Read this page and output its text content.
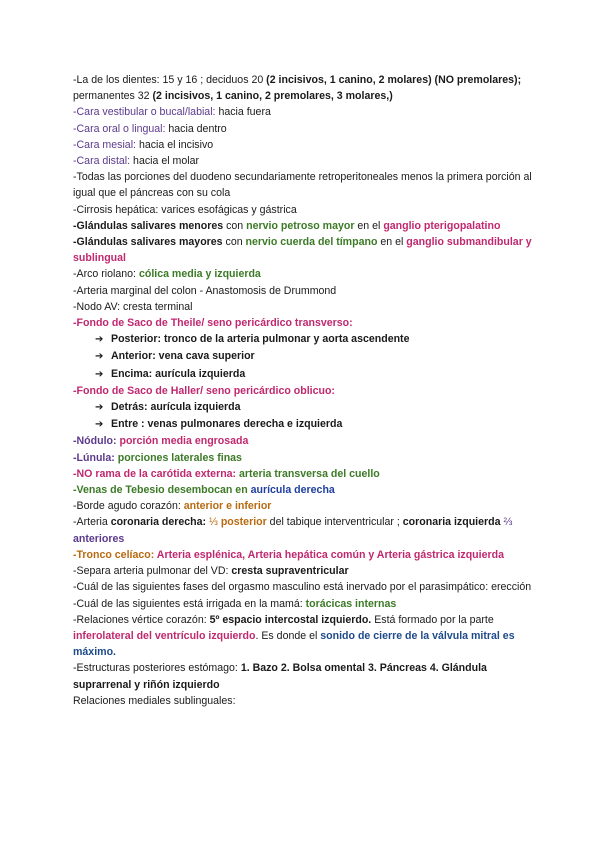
-La de los dientes: 15 y 16 ; deciduos 20 (2 incisivos, 1 canino, 2 molares) (NO premolares); permanentes 32 (2 incisivos, 1 canino, 2 premolares, 3 molares,)

-Cara vestibular o bucal/labial: hacia fuera

-Cara oral o lingual: hacia dentro

-Cara mesial: hacia el incisivo

-Cara distal: hacia el molar

-Todas las porciones del duodeno secundariamente retroperitoneales menos la primera porción al igual que el páncreas con su cola

-Cirrosis hepática: varices esofágicas y gástrica

-Glándulas salivares menores con nervio petroso mayor en el ganglio pterigopalatino

-Glándulas salivares mayores con nervio cuerda del tímpano en el ganglio submandibular y sublingual

-Arco riolano: cólica media y izquierda

-Arteria marginal del colon - Anastomosis de Drummond

-Nodo AV: cresta terminal

-Fondo de Saco de Theile/ seno pericárdico transverso:

➔ Posterior: tronco de la arteria pulmonar y aorta ascendente

➔ Anterior: vena cava superior

➔ Encima: aurícula izquierda

-Fondo de Saco de Haller/ seno pericárdico oblicuo:

➔ Detrás: aurícula izquierda

➔ Entre : venas pulmonares derecha e izquierda

-Nódulo: porción media engrosada

-Lúnula: porciones laterales finas

-NO rama de la carótida externa: arteria transversa del cuello

-Venas de Tebesio desembocan en aurícula derecha

-Borde agudo corazón: anterior e inferior

-Arteria coronaria derecha: ⅓ posterior del tabique interventricular ; coronaria izquierda ⅔ anteriores

-Tronco celíaco: Arteria esplénica, Arteria hepática común y Arteria gástrica izquierda

-Separa arteria pulmonar del VD: cresta supraventricular

-Cuál de las siguientes fases del orgasmo masculino está inervado por el parasimpático: erección

-Cuál de las siguientes está irrigada en la mamá: torácicas internas

-Relaciones vértice corazón: 5º espacio intercostal izquierdo. Está formado por la parte inferolateral del ventrículo izquierdo. Es donde el sonido de cierre de la válvula mitral es máximo.

-Estructuras posteriores estómago: 1. Bazo 2. Bolsa omental 3. Páncreas 4. Glándula suprarrenal y riñón izquierdo

Relaciones mediales sublinguales:
